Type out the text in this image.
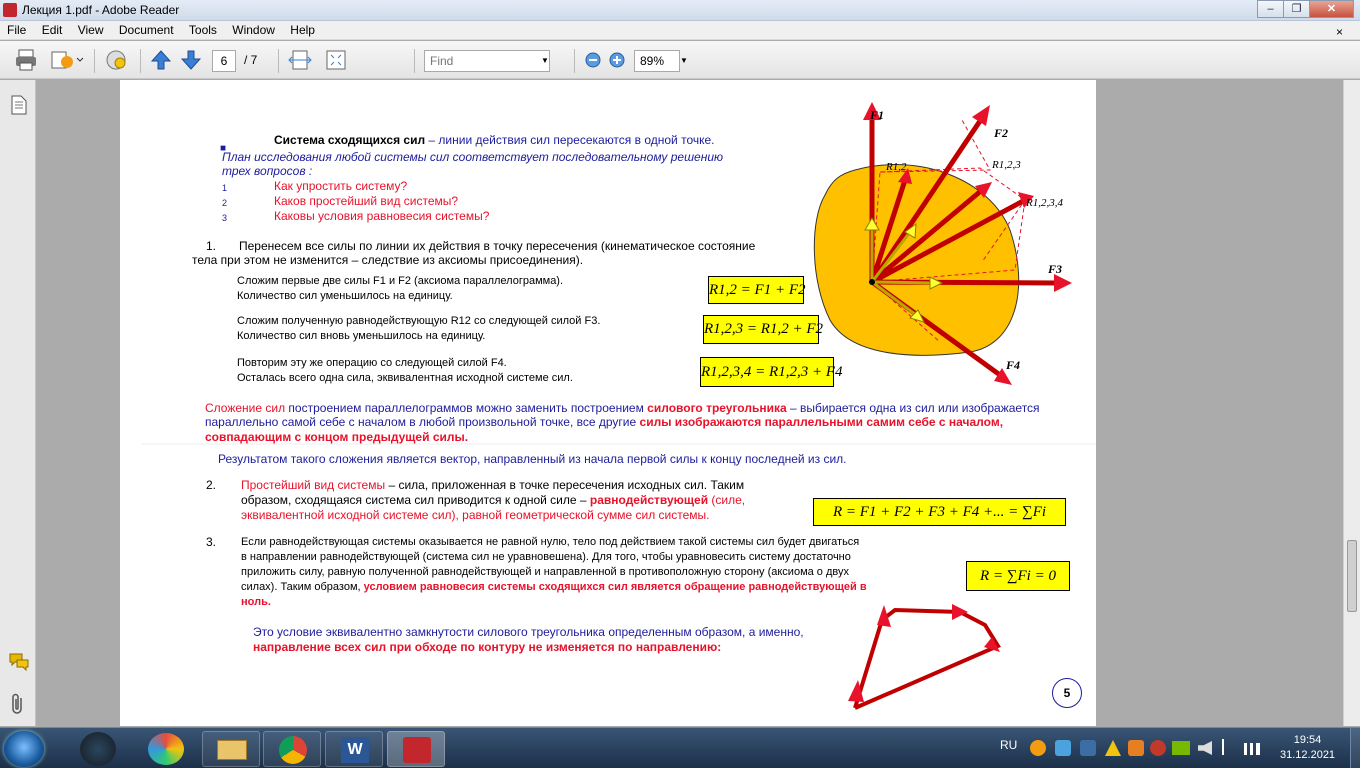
Лекция 1.pdf - Adobe Reader	–	❐	✕
File Edit View Document Tools Window Help	×
6	/ 7	Find	▼	89%	▼
■
Система сходящихся сил – линии действия сил пересекаются в одной точке.
План исследования любой системы сил соответствует последовательному решению
трех вопросов :
1	Как упростить систему?
2	Каков простейший вид системы?
3	Каковы условия равновесия системы?
1. Перенесем все силы по линии их действия в точку пересечения (кинематическое состояние
тела при этом не изменится – следствие из аксиомы присоединения).
Сложим первые две силы F1 и F2 (аксиома параллелограмма).
Количество сил уменьшилось на единицу.	R1,2 = F1 + F2
Сложим полученную равнодействующую R12 со следующей силой F3.
Количество сил вновь уменьшилось на единицу.	R1,2,3 = R1,2 + F2
Повторим эту же операцию со следующей силой F4.
Осталась всего одна сила, эквивалентная исходной системе сил.	R1,2,3,4 = R1,2,3 + F4
F1
F2
F3
F4
R1,2	R1,2,3
R1,2,3,4
Сложение сил построением параллелограммов можно заменить построением силового треугольника – выбирается одна из сил или изображается
параллельно самой себе с началом в любой произвольной точке, все другие силы изображаются параллельными самим себе с началом,
совпадающим с концом предыдущей силы.
Результатом такого сложения является вектор, направленный из начала первой силы к концу последней из сил.
2. Простейший вид системы – сила, приложенная в точке пересечения исходных сил. Таким
образом, сходящаяся система сил приводится к одной силе – равнодействующей (силе,
эквивалентной исходной системе сил), равной геометрической сумме сил системы.	R = F1 + F2 + F3 + F4 +... = ∑Fi
3. Если равнодействующая системы оказывается не равной нулю, тело под действием такой системы сил будет двигаться
в направлении равнодействующей (система сил не уравновешена). Для того, чтобы уравновесить систему достаточно
приложить силу, равную полученной равнодействующей и направленной в противоположную сторону (аксиома о двух
силах). Таким образом, условием равновесия системы сходящихся сил является обращение равнодействующей в
ноль.
R = ∑Fi = 0
Это условие эквивалентно замкнутости силового треугольника определенным образом, а именно,
направление всех сил при обходе по контуру не изменяется по направлению:
5
W	RU	19:54
31.12.2021
